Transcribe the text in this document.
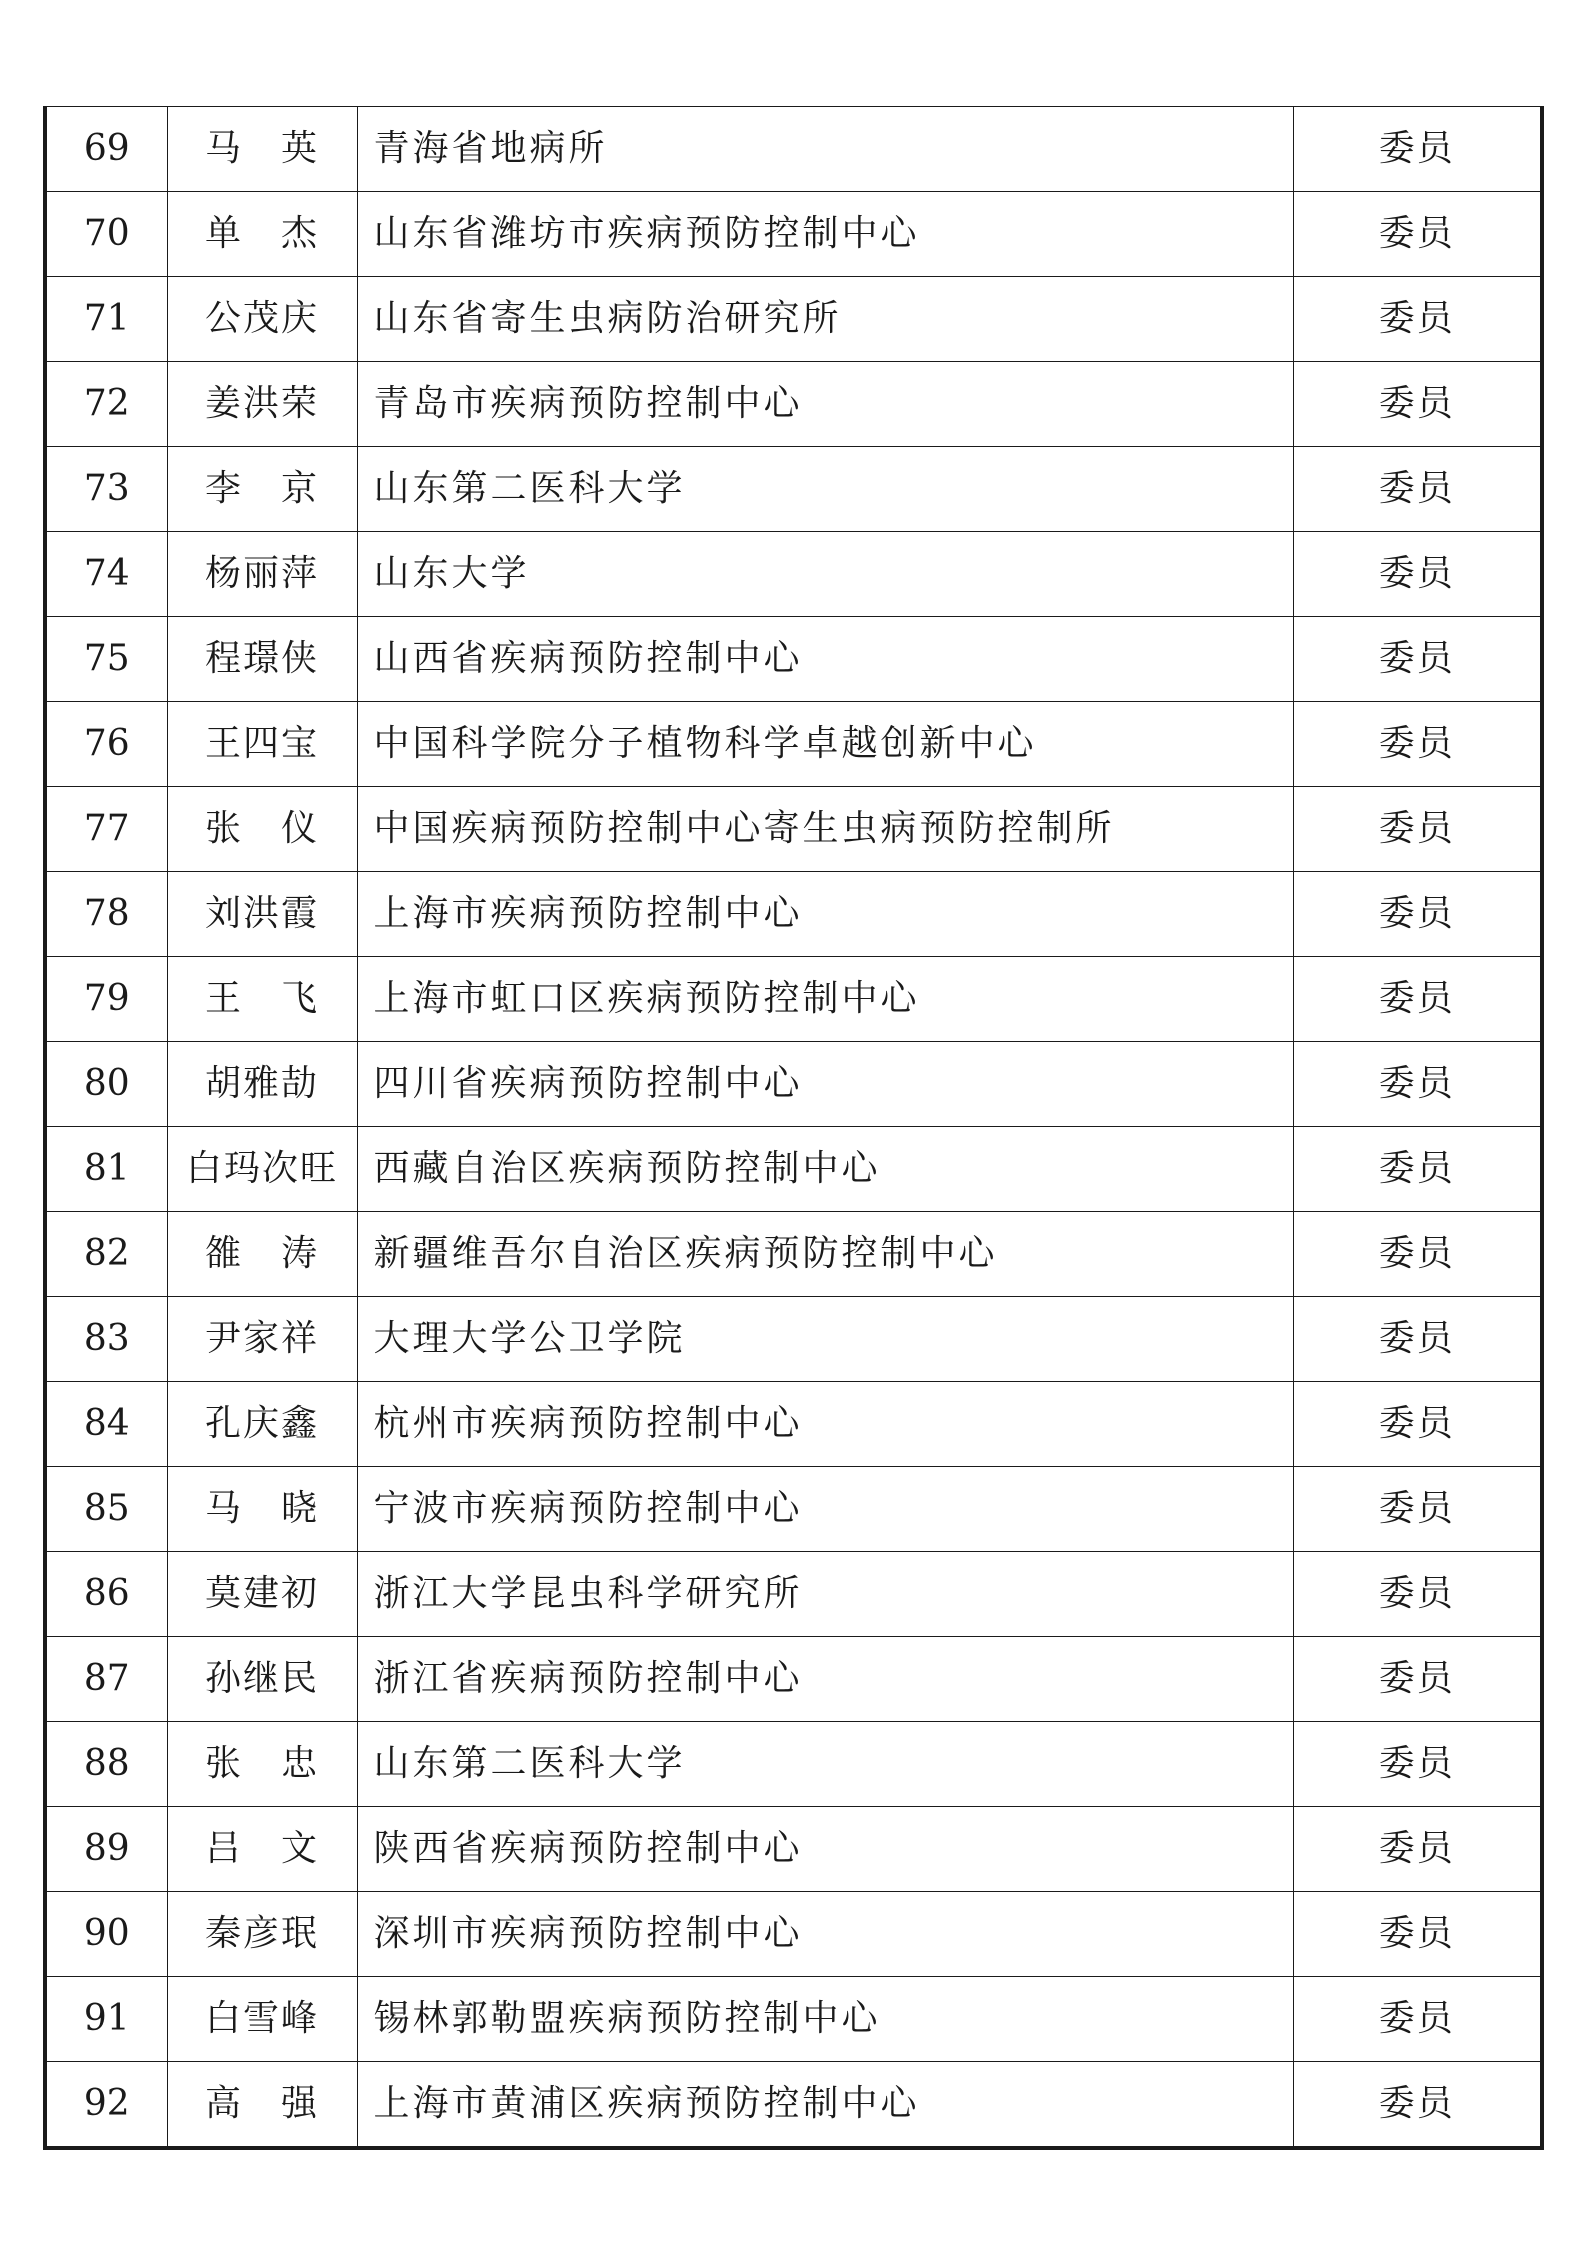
69	马　英	青海省地病所	委员
70	单　杰	山东省潍坊市疾病预防控制中心	委员
71	公茂庆	山东省寄生虫病防治研究所	委员
72	姜洪荣	青岛市疾病预防控制中心	委员
73	李　京	山东第二医科大学	委员
74	杨丽萍	山东大学	委员
75	程璟侠	山西省疾病预防控制中心	委员
76	王四宝	中国科学院分子植物科学卓越创新中心	委员
77	张　仪	中国疾病预防控制中心寄生虫病预防控制所	委员
78	刘洪霞	上海市疾病预防控制中心	委员
79	王　飞	上海市虹口区疾病预防控制中心	委员
80	胡雅劼	四川省疾病预防控制中心	委员
81	白玛次旺	西藏自治区疾病预防控制中心	委员
82	雒　涛	新疆维吾尔自治区疾病预防控制中心	委员
83	尹家祥	大理大学公卫学院	委员
84	孔庆鑫	杭州市疾病预防控制中心	委员
85	马　晓	宁波市疾病预防控制中心	委员
86	莫建初	浙江大学昆虫科学研究所	委员
87	孙继民	浙江省疾病预防控制中心	委员
88	张　忠	山东第二医科大学	委员
89	吕　文	陕西省疾病预防控制中心	委员
90	秦彦珉	深圳市疾病预防控制中心	委员
91	白雪峰	锡林郭勒盟疾病预防控制中心	委员
92	高　强	上海市黄浦区疾病预防控制中心	委员
